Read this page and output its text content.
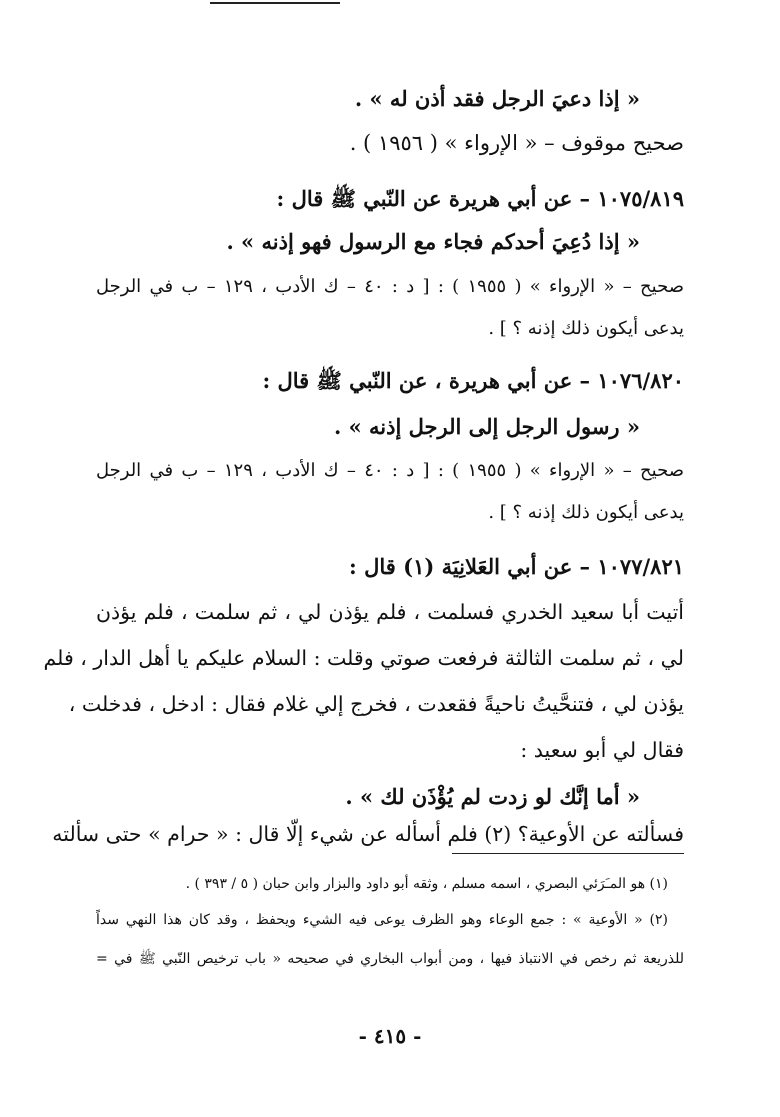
« إذا دعيَ الرجل فقد أذن له » .
صحيح موقوف – « الإرواء » ( ١٩٥٦ ) .
١٠٧٥/٨١٩ – عن أبي هريرة عن النّبي ﷺ قال :
« إذا دُعِيَ أحدكم فجاء مع الرسول فهو إذنه » .
صحيح – « الإرواء » ( ١٩٥٥ ) : [ د : ٤٠ – ك الأدب ، ١٢٩ – ب في الرجل
يدعى أيكون ذلك إذنه ؟ ] .
١٠٧٦/٨٢٠ – عن أبي هريرة ، عن النّبي ﷺ قال :
« رسول الرجل إلى الرجل إذنه » .
صحيح – « الإرواء » ( ١٩٥٥ ) : [ د : ٤٠ – ك الأدب ، ١٢٩ – ب في الرجل
يدعى أيكون ذلك إذنه ؟ ] .
١٠٧٧/٨٢١ – عن أبي العَلانِيَة (١) قال :
أتيت أبا سعيد الخدري فسلمت ، فلم يؤذن لي ، ثم سلمت ، فلم يؤذن
لي ، ثم سلمت الثالثة فرفعت صوتي وقلت : السلام عليكم يا أهل الدار ، فلم
يؤذن لي ، فتنحَّيتُ ناحيةً فقعدت ، فخرج إلي غلام فقال : ادخل ، فدخلت ،
فقال لي أبو سعيد :
« أما إنَّك لو زدت لم يُؤْذَن لك » .
فسألته عن الأوعية؟ (٢) فلم أسأله عن شيء إلّا قال : « حرام » حتى سألته
(١) هو المـَرَئي البصري ، اسمه مسلم ، وثقه أبو داود والبزار وابن حبان ( ٥ / ٣٩٣ ) .
(٢) « الأوعية » : جمع الوعاء وهو الظرف يوعى فيه الشيء ويحفظ ، وقد كان هذا النهي سداً
للذريعة ثم رخص في الانتباذ فيها ، ومن أبواب البخاري في صحيحه « باب ترخيص النّبي ﷺ في =
- ٤١٥ -
